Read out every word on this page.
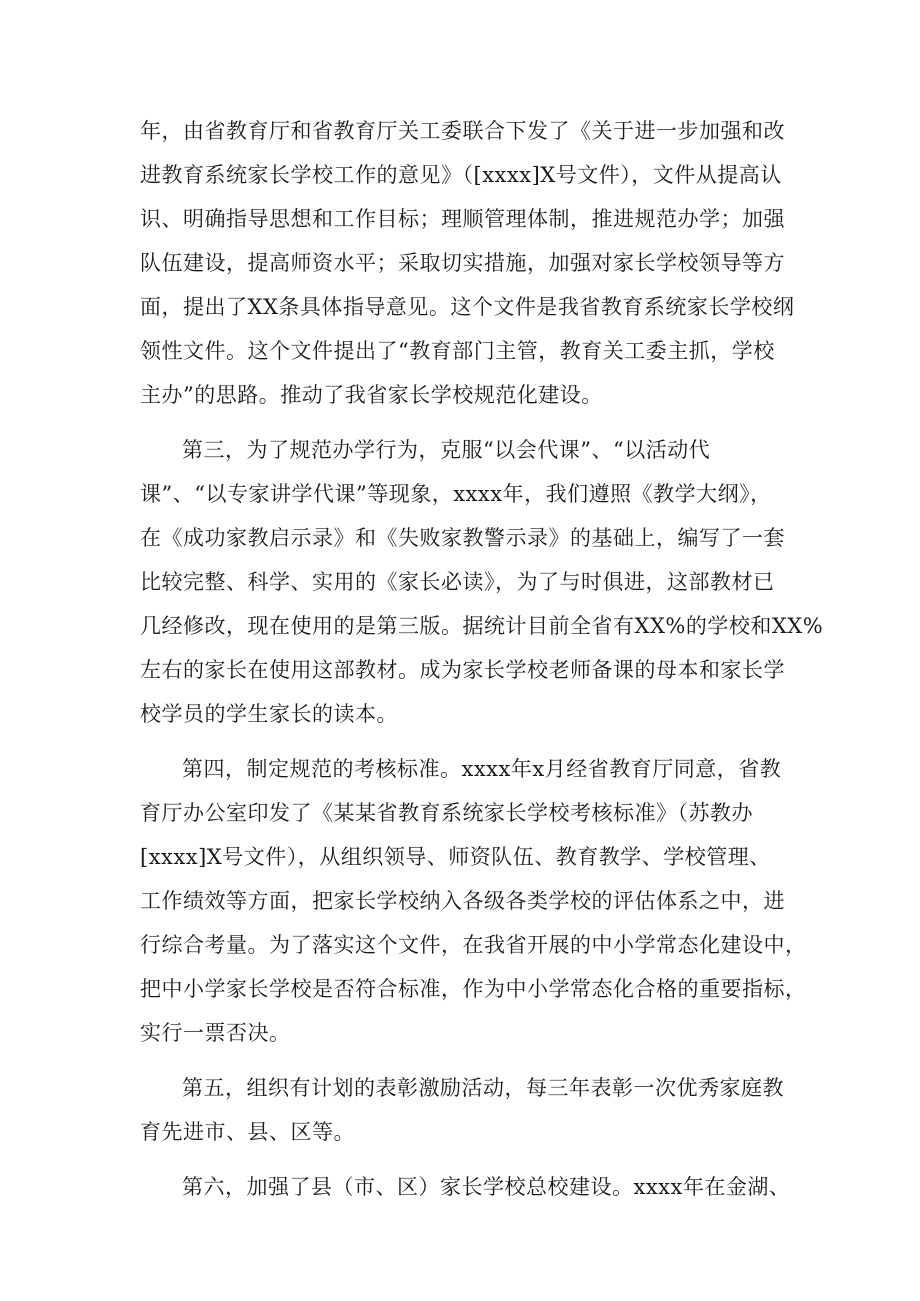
年，由省教育厅和省教育厅关工委联合下发了《关于进一步加强和改
进教育系统家长学校工作的意见》（[xxxx]X号文件），文件从提高认
识、明确指导思想和工作目标；理顺管理体制，推进规范办学；加强
队伍建设，提高师资水平；采取切实措施，加强对家长学校领导等方
面，提出了XX条具体指导意见。这个文件是我省教育系统家长学校纲
领性文件。这个文件提出了“教育部门主管，教育关工委主抓，学校
主办”的思路。推动了我省家长学校规范化建设。
第三，为了规范办学行为，克服“以会代课”、“以活动代
课”、“以专家讲学代课”等现象，xxxx年，我们遵照《教学大纲》，
在《成功家教启示录》和《失败家教警示录》的基础上，编写了一套
比较完整、科学、实用的《家长必读》，为了与时俱进，这部教材已
几经修改，现在使用的是第三版。据统计目前全省有XX%的学校和XX%
左右的家长在使用这部教材。成为家长学校老师备课的母本和家长学
校学员的学生家长的读本。
第四，制定规范的考核标准。xxxx年x月经省教育厅同意，省教
育厅办公室印发了《某某省教育系统家长学校考核标准》（苏教办
[xxxx]X号文件），从组织领导、师资队伍、教育教学、学校管理、
工作绩效等方面，把家长学校纳入各级各类学校的评估体系之中，进
行综合考量。为了落实这个文件，在我省开展的中小学常态化建设中，
把中小学家长学校是否符合标准，作为中小学常态化合格的重要指标，
实行一票否决。
第五，组织有计划的表彰激励活动，每三年表彰一次优秀家庭教
育先进市、县、区等。
第六，加强了县（市、区）家长学校总校建设。xxxx年在金湖、
